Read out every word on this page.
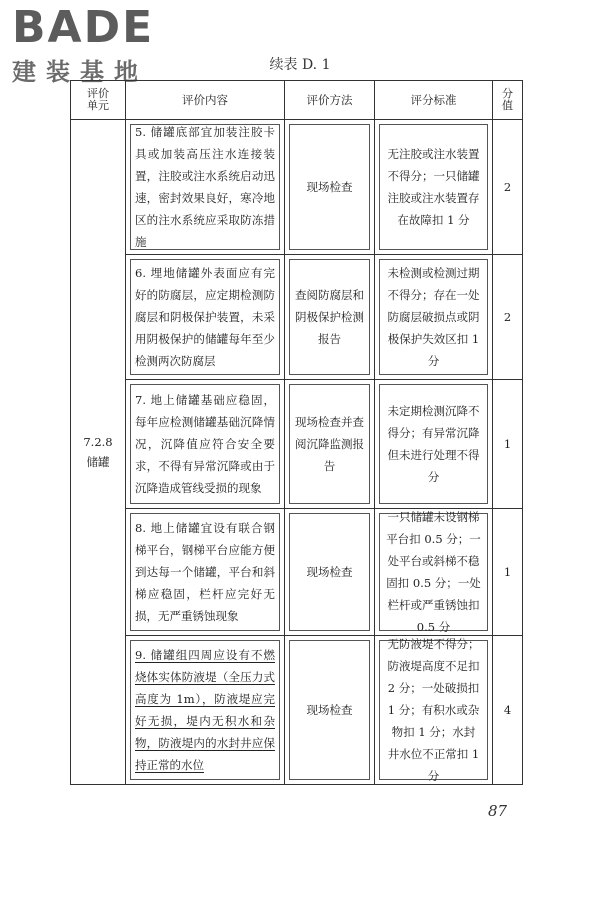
BADE
建装基地	续表 D. 1
评价
单元	评价内容	评价方法	评分标准	分
值

7.2.8
储罐	5. 储罐底部宜加装注胶卡具或加装高压注水连接装置，注胶或注水系统启动迅速，密封效果良好，寒冷地区的注水系统应采取防冻措施	现场检查	无注胶或注水装置不得分；一只储罐注胶或注水装置存在故障扣 1 分	2

6. 埋地储罐外表面应有完好的防腐层，应定期检测防腐层和阴极保护装置，未采用阴极保护的储罐每年至少检测两次防腐层	查阅防腐层和阴极保护检测报告	未检测或检测过期不得分；存在一处防腐层破损点或阴极保护失效区扣 1 分	2

7. 地上储罐基础应稳固，每年应检测储罐基础沉降情况，沉降值应符合安全要求，不得有异常沉降或由于沉降造成管线受损的现象	现场检查并查阅沉降监测报告	未定期检测沉降不得分；有异常沉降但未进行处理不得分	1

8. 地上储罐宜设有联合钢梯平台，钢梯平台应能方便到达每一个储罐，平台和斜梯应稳固，栏杆应完好无损，无严重锈蚀现象	现场检查	一只储罐未设钢梯平台扣 0.5 分；一处平台或斜梯不稳固扣 0.5 分；一处栏杆或严重锈蚀扣 0.5 分	1

9. 储罐组四周应设有不燃烧体实体防液堤（全压力式高度为 1m），防液堤应完好无损，堤内无积水和杂物，防液堤内的水封井应保持正常的水位	现场检查	无防液堤不得分；防液堤高度不足扣 2 分；一处破损扣 1 分；有积水或杂物扣 1 分；水封井水位不正常扣 1 分	4
87
